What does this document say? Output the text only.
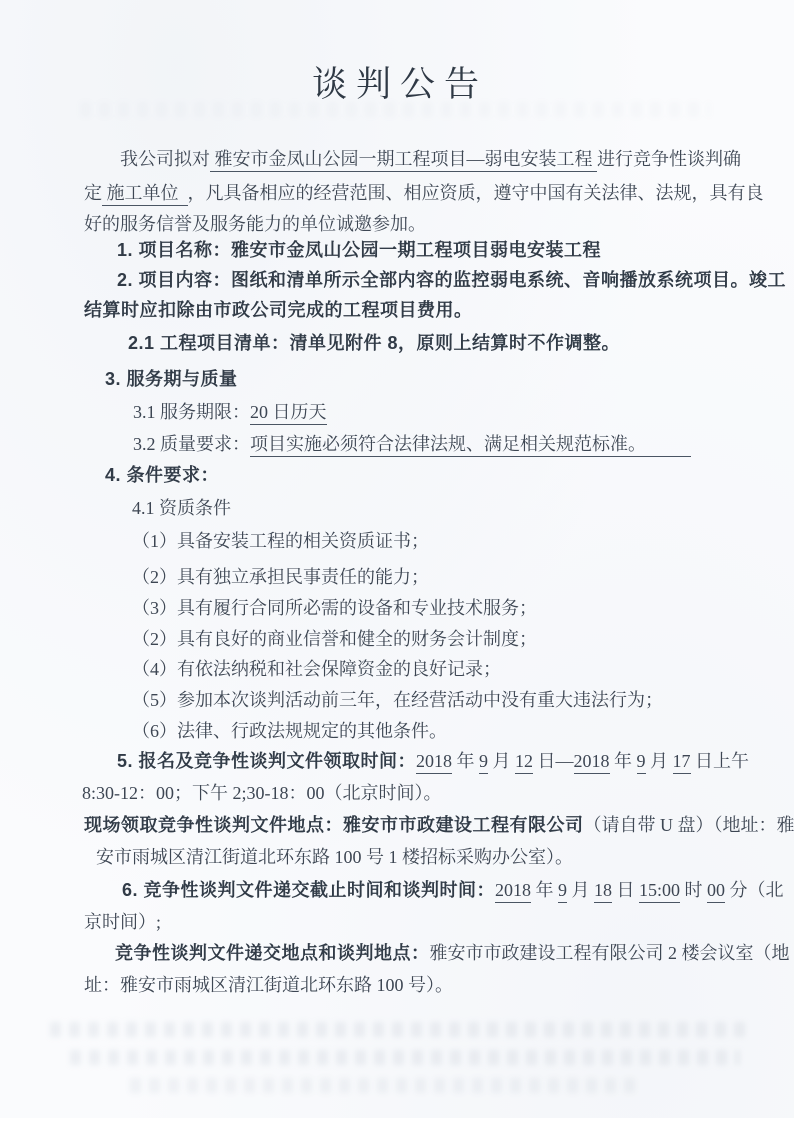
谈判公告
我公司拟对 雅安市金凤山公园一期工程项目—弱电安装工程 进行竞争性谈判确
定 施工单位  ，凡具备相应的经营范围、相应资质，遵守中国有关法律、法规，具有良
好的服务信誉及服务能力的单位诚邀参加。
1. 项目名称：雅安市金凤山公园一期工程项目弱电安装工程
2. 项目内容：图纸和清单所示全部内容的监控弱电系统、音响播放系统项目。竣工
结算时应扣除由市政公司完成的工程项目费用。
2.1 工程项目清单：清单见附件 8，原则上结算时不作调整。
3. 服务期与质量
3.1 服务期限：20 日历天
3.2 质量要求：项目实施必须符合法律法规、满足相关规范标准。　　　
4. 条件要求：
4.1 资质条件
（1）具备安装工程的相关资质证书；
（2）具有独立承担民事责任的能力；
（3）具有履行合同所必需的设备和专业技术服务；
（2）具有良好的商业信誉和健全的财务会计制度；
（4）有依法纳税和社会保障资金的良好记录；
（5）参加本次谈判活动前三年，在经营活动中没有重大违法行为；
（6）法律、行政法规规定的其他条件。
5. 报名及竞争性谈判文件领取时间：2018 年 9 月 12 日—2018 年 9 月 17 日上午
8:30-12：00；下午 2;30-18：00（北京时间）。
现场领取竞争性谈判文件地点：雅安市市政建设工程有限公司（请自带 U 盘）（地址：雅
安市雨城区清江街道北环东路 100 号 1 楼招标采购办公室）。
6. 竞争性谈判文件递交截止时间和谈判时间：2018 年 9 月 18 日 15:00 时 00 分（北
京时间）;
竞争性谈判文件递交地点和谈判地点：雅安市市政建设工程有限公司 2 楼会议室（地
址：雅安市雨城区清江街道北环东路 100 号）。
